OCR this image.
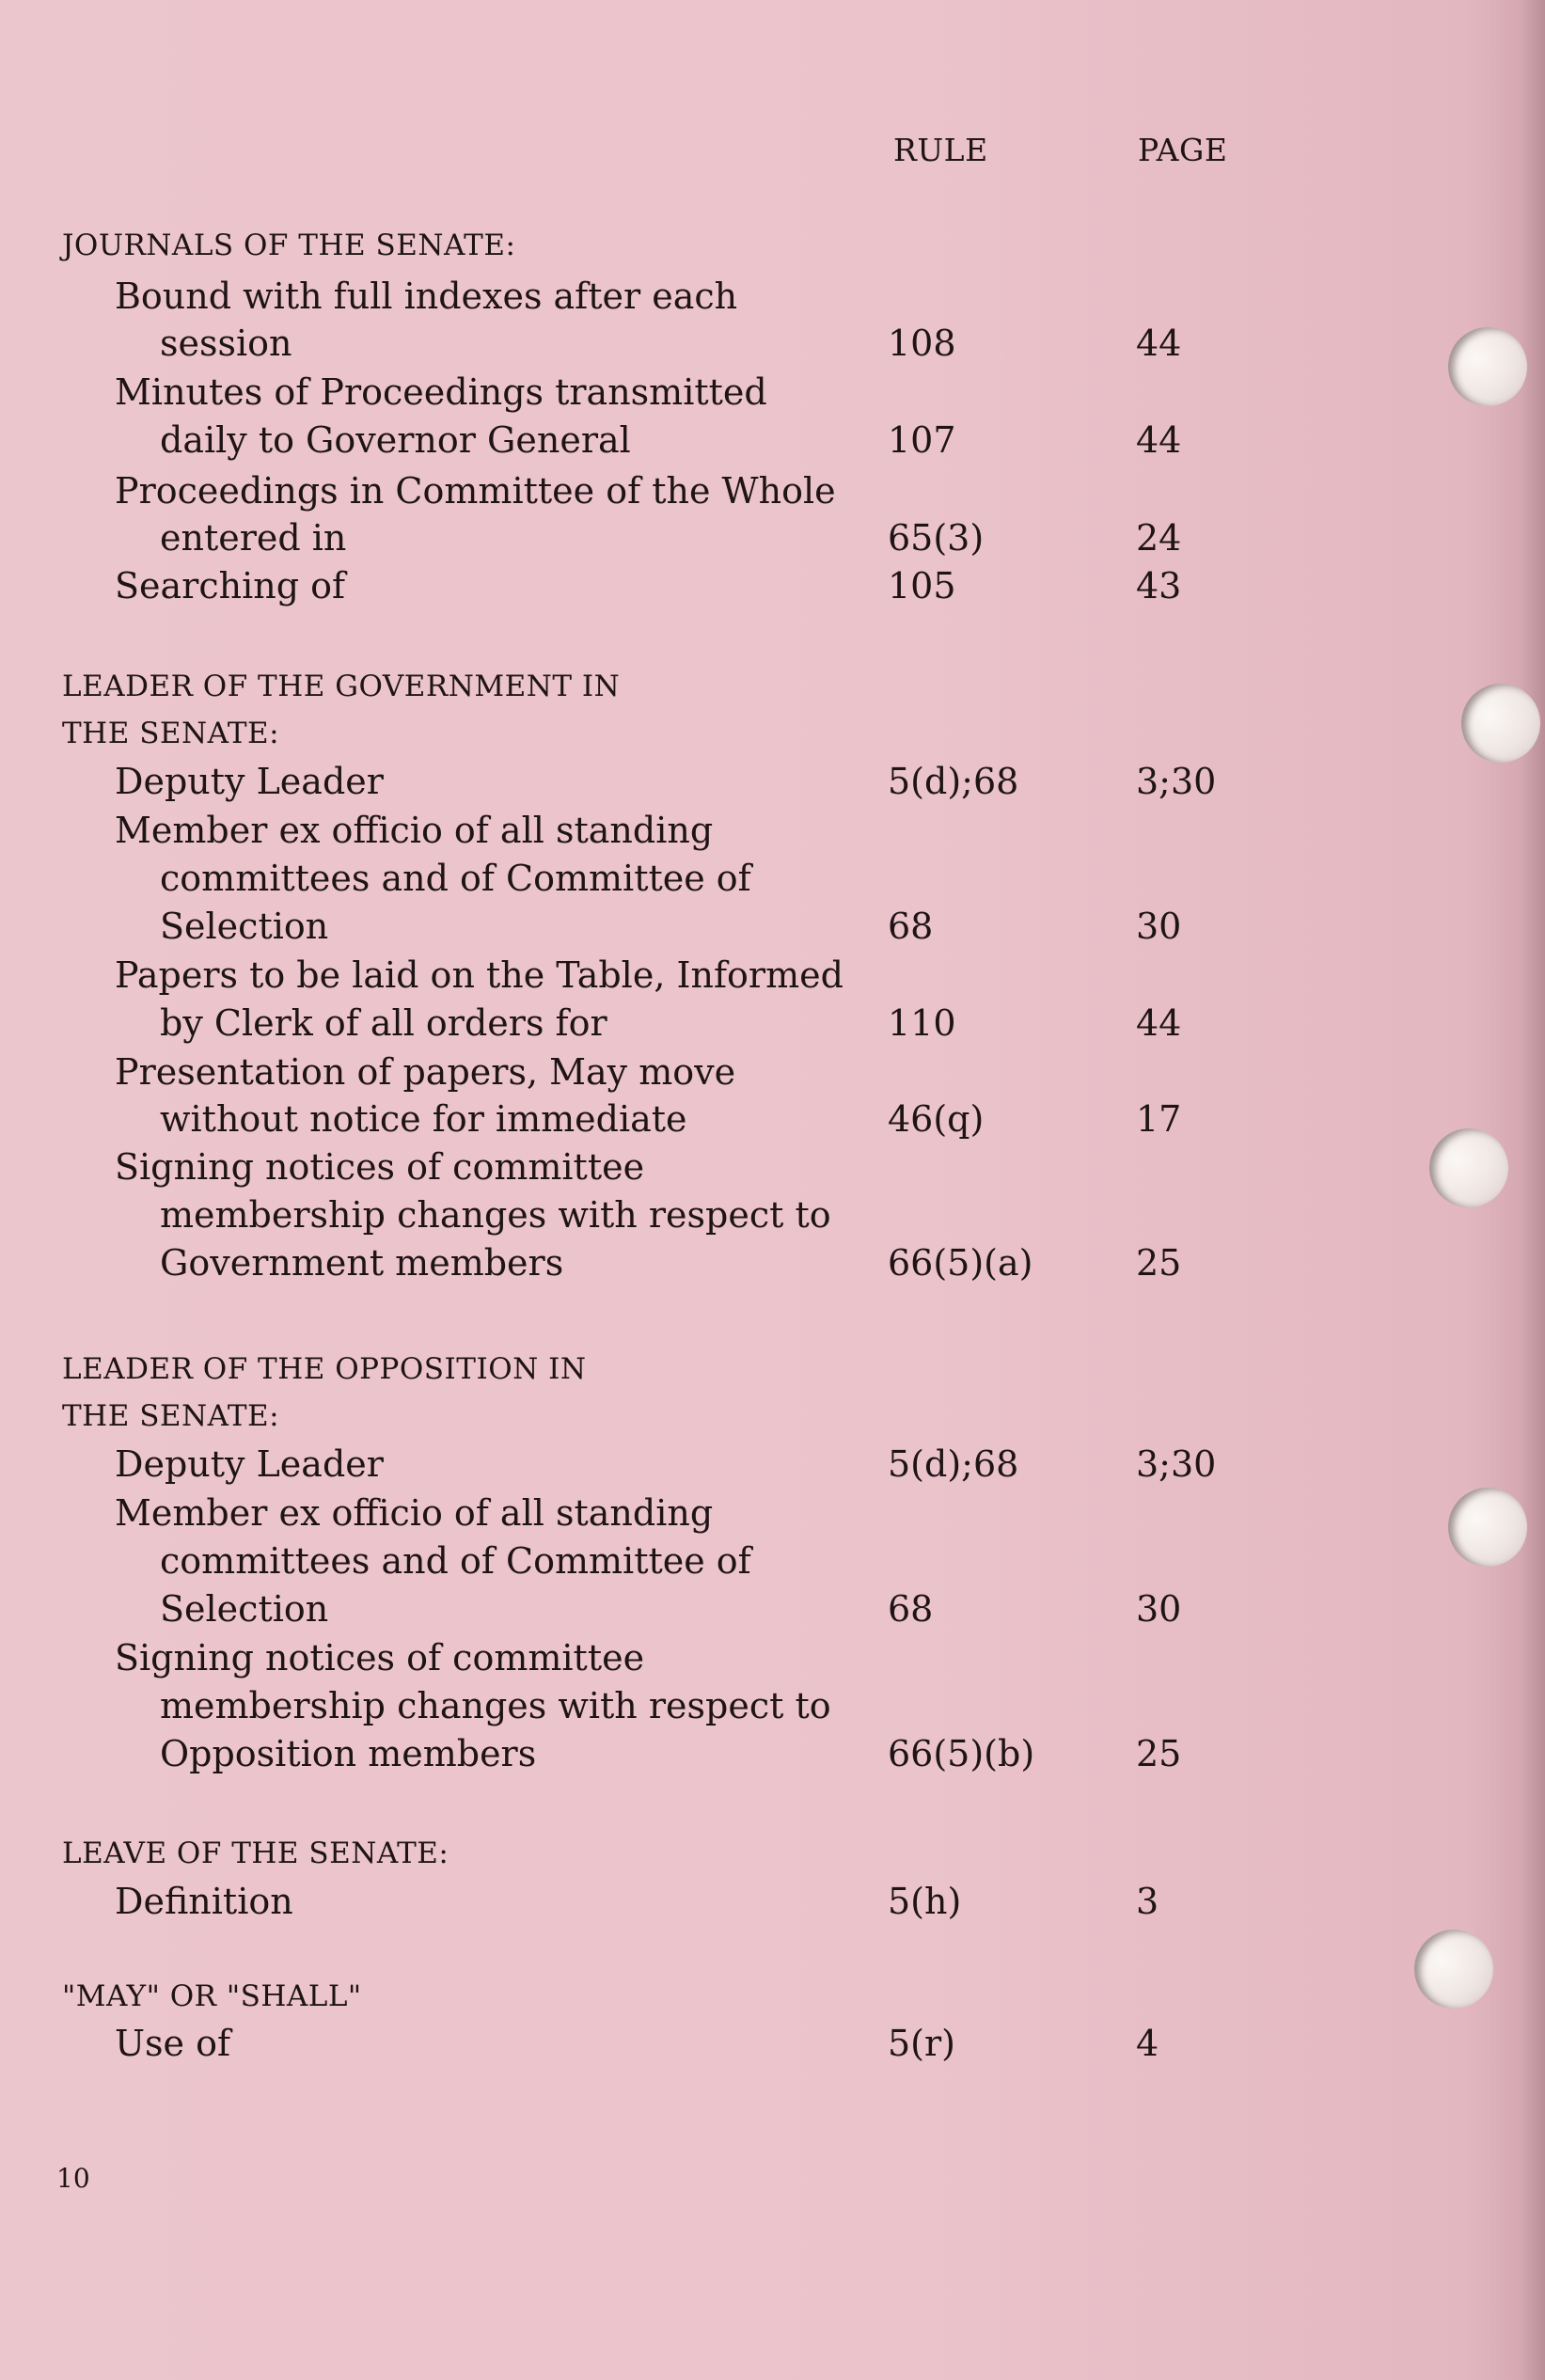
RULE	PAGE
JOURNALS OF THE SENATE:
Bound with full indexes after each
session	108	44
Minutes of Proceedings transmitted
daily to Governor General	107	44
Proceedings in Committee of the Whole
entered in	65(3)	24
Searching of	105	43
LEADER OF THE GOVERNMENT IN
THE SENATE:
Deputy Leader	5(d);68	3;30
Member ex officio of all standing
committees and of Committee of
Selection	68	30
Papers to be laid on the Table, Informed
by Clerk of all orders for	110	44
Presentation of papers, May move
without notice for immediate	46(q)	17
Signing notices of committee
membership changes with respect to
Government members	66(5)(a)	25
LEADER OF THE OPPOSITION IN
THE SENATE:
Deputy Leader	5(d);68	3;30
Member ex officio of all standing
committees and of Committee of
Selection	68	30
Signing notices of committee
membership changes with respect to
Opposition members	66(5)(b)	25
LEAVE OF THE SENATE:
Definition	5(h)	3
"MAY" OR "SHALL"
Use of	5(r)	4
10
